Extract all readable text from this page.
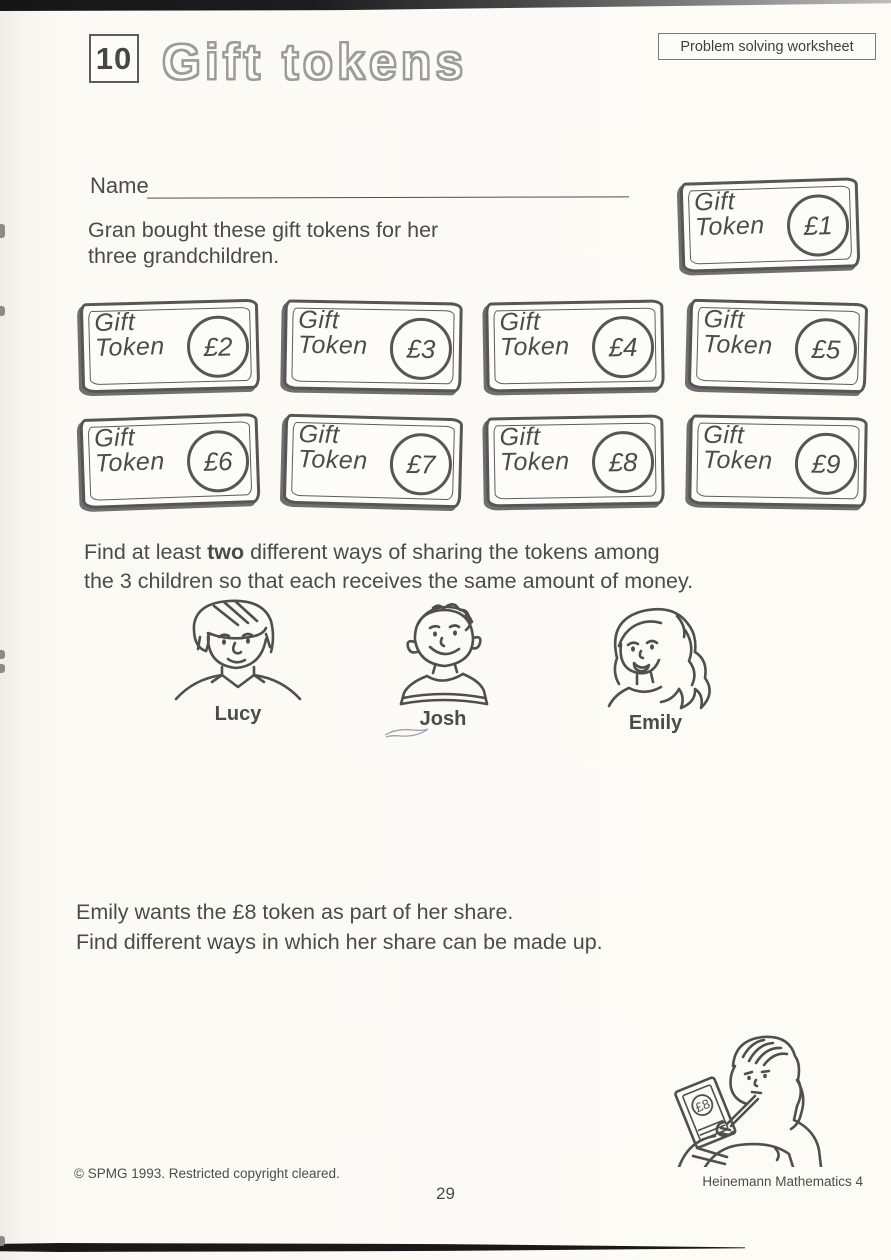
10 Gift tokens	Problem solving worksheet
Name
Gran bought these gift tokens for her
three grandchildren.
Gift
Token £1
Gift
Token £2
Gift
Token £3
Gift
Token £4
Gift
Token £5
Gift
Token £6
Gift
Token £7
Gift
Token £8
Gift
Token £9
Find at least two different ways of sharing the tokens among
the 3 children so that each receives the same amount of money.
Lucy	Josh	Emily
Emily wants the £8 token as part of her share.
Find different ways in which her share can be made up.
£8
© SPMG 1993. Restricted copyright cleared.
Heinemann Mathematics 4
29
